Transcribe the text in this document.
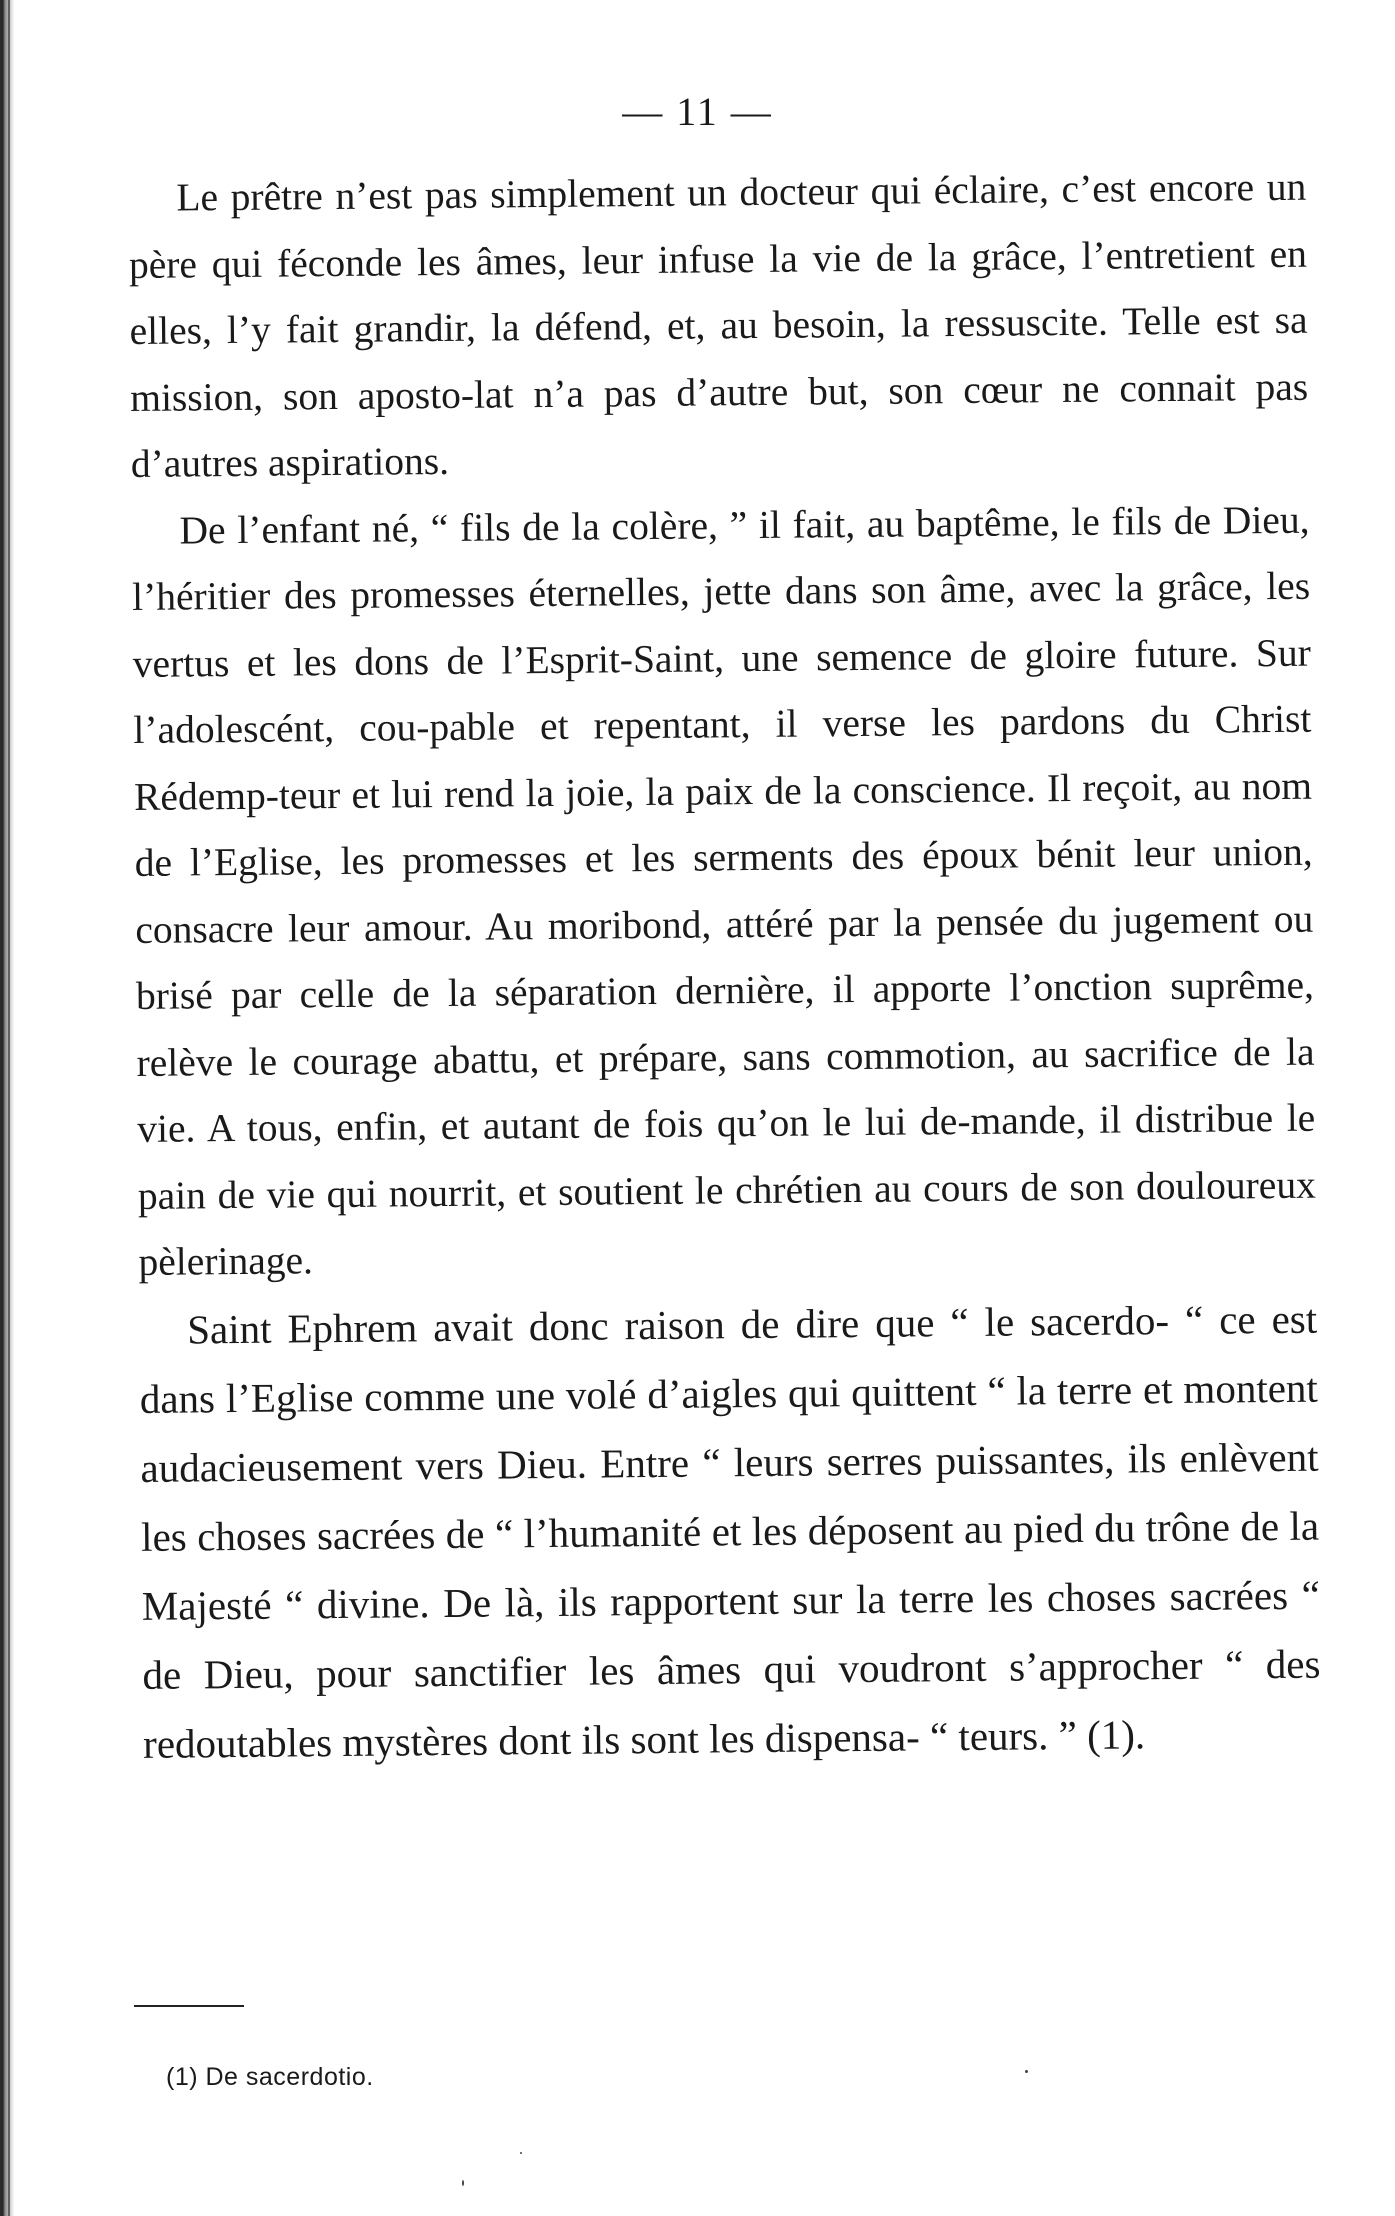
— 11 —

Le prêtre n’est pas simplement un docteur qui éclaire, c’est encore un père qui féconde les âmes, leur infuse la vie de la grâce, l’entretient en elles, l’y fait grandir, la défend, et, au besoin, la ressuscite. Telle est sa mission, son aposto-lat n’a pas d’autre but, son cœur ne connait pas d’autres aspirations.

De l’enfant né, “ fils de la colère, ” il fait, au baptême, le fils de Dieu, l’héritier des promesses éternelles, jette dans son âme, avec la grâce, les vertus et les dons de l’Esprit-Saint, une semence de gloire future. Sur l’adolescént, cou-pable et repentant, il verse les pardons du Christ Rédemp-teur et lui rend la joie, la paix de la conscience. Il reçoit, au nom de l’Eglise, les promesses et les serments des époux bénit leur union, consacre leur amour. Au moribond, attéré par la pensée du jugement ou brisé par celle de la séparation dernière, il apporte l’onction suprême, relève le courage abattu, et prépare, sans commotion, au sacrifice de la vie. A tous, enfin, et autant de fois qu’on le lui de-mande, il distribue le pain de vie qui nourrit, et soutient le chrétien au cours de son douloureux pèlerinage.

Saint Ephrem avait donc raison de dire que “ le sacerdo- “ ce est dans l’Eglise comme une volé d’aigles qui quittent “ la terre et montent audacieusement vers Dieu. Entre “ leurs serres puissantes, ils enlèvent les choses sacrées de “ l’humanité et les déposent au pied du trône de la Majesté “ divine. De là, ils rapportent sur la terre les choses sacrées “ de Dieu, pour sanctifier les âmes qui voudront s’approcher “ des redoutables mystères dont ils sont les dispensa- “ teurs. ” (1).

(1) De sacerdotio.
